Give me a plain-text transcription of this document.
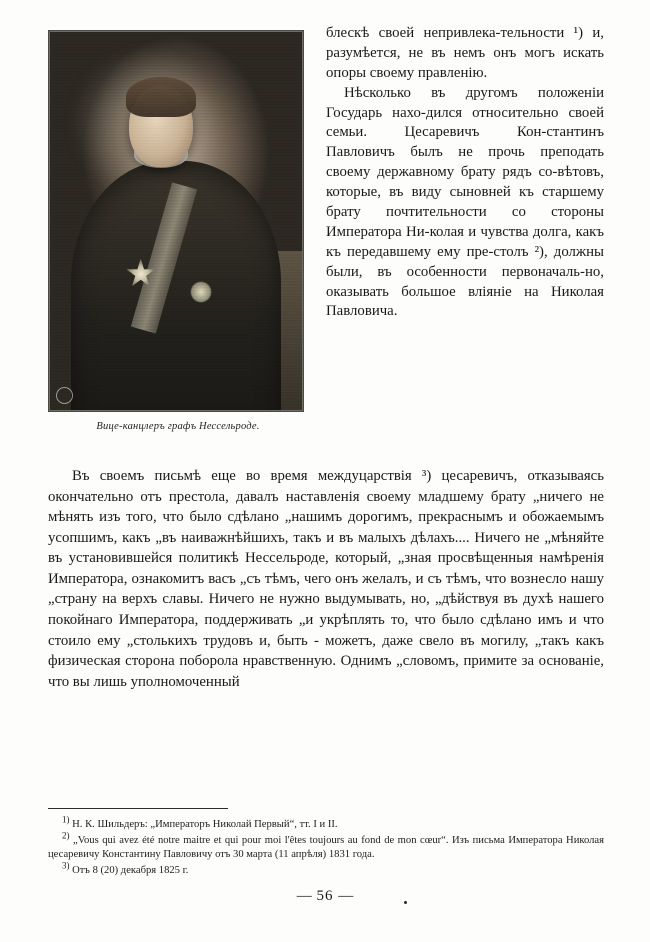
Вице-канцлеръ графъ Нессельроде.

блескѣ своей непривлека-тельности ¹) и, разумѣется, не въ немъ онъ могъ искать опоры своему правленію.

Нѣсколько въ другомъ положеніи Государь нахо-дился относительно своей семьи. Цесаревичъ Кон-стантинъ Павловичъ былъ не прочь преподать своему державному брату рядъ со-вѣтовъ, которые, въ виду сыновней къ старшему брату почтительности со стороны Императора Ни-колая и чувства долга, какъ къ передавшему ему пре-столъ ²), должны были, въ особенности первоначаль-но, оказывать большое вліяніе на Николая Павловича.

Въ своемъ письмѣ еще во время междуцарствія ³) цесаревичъ, отказываясь окончательно отъ престола, давалъ наставленія своему младшему брату „ничего не мѣнять изъ того, что было сдѣлано „нашимъ дорогимъ, прекраснымъ и обожаемымъ усопшимъ, какъ „въ наиважнѣйшихъ, такъ и въ малыхъ дѣлахъ.... Ничего не „мѣняйте въ установившейся политикѣ Нессельроде, который, „зная просвѣщенныя намѣренія Императора, ознакомитъ васъ „съ тѣмъ, чего онъ желалъ, и съ тѣмъ, что вознесло нашу „страну на верхъ славы. Ничего не нужно выдумывать, но, „дѣйствуя въ духѣ нашего покойнаго Императора, поддерживать „и укрѣплять то, что было сдѣлано имъ и что стоило ему „столькихъ трудовъ и, быть - можетъ, даже свело въ могилу, „такъ какъ физическая сторона поборола нравственную. Однимъ „словомъ, примите за основаніе, что вы лишь уполномоченный

$^{1)}$ Н. К. Шильдеръ: „Императоръ Николай Первый“, тт. I и II.

$^{2)}$ „Vous qui avez été notre maitre et qui pour moi l'êtes toujours au fond de mon cœur“. Изъ письма Императора Николая цесаревичу Константину Павловичу отъ 30 марта (11 апрѣля) 1831 года.

$^{3)}$ Отъ 8 (20) декабря 1825 г.

— 56 —
